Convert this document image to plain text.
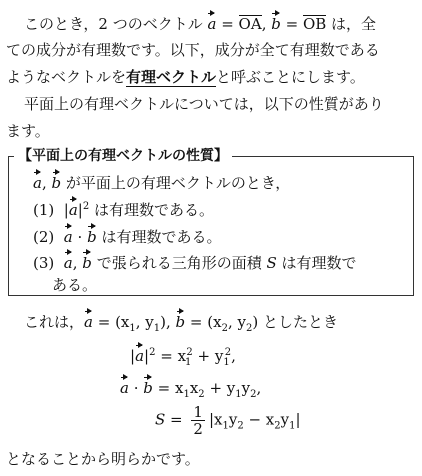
このとき，2 つのベクトル a = OA, b = OB は，全
ての成分が有理数です。以下，成分が全て有理数である
ようなベクトルを有理ベクトルと呼ぶことにします。
平面上の有理ベクトルについては，以下の性質があり
ます。
【平面上の有理ベクトルの性質】
a, b が平面上の有理ベクトルのとき，
(1)  $|a|^2$ は有理数である。
(2) a · b は有理数である。
(3) a, b で張られる三角形の面積 S は有理数で
ある。
これは，$a = (x_1$, $y_1$), $b = (x_2$, $y_2$) としたとき
$|a|^2 = x_1^2 + y_1^2$,
$a \cdot b = x_1x_2 + y_1y_2$,
$S = \frac{1}{2} |x_1y_2 - x_2y_1|$
となることから明らかです。
